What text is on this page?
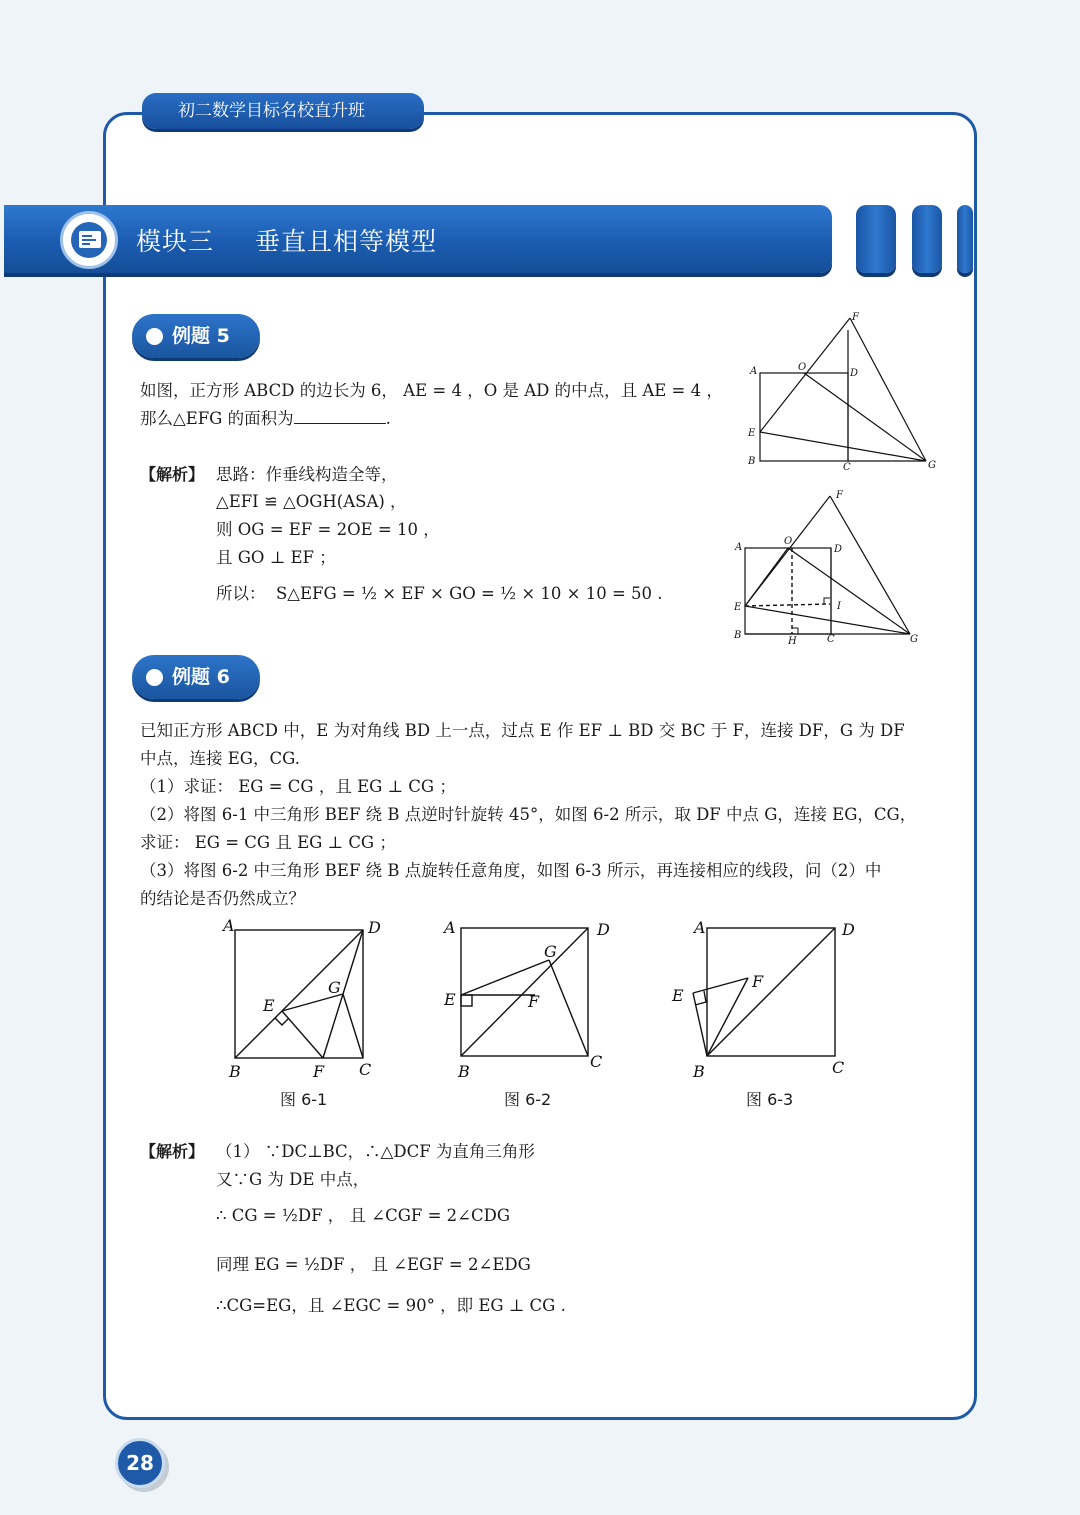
初二数学目标名校直升班
模块三 垂直且相等模型
例题 5
如图，正方形 ABCD 的边长为 6， AE = 4 ，O 是 AD 的中点，且 AE = 4 ，
那么△EFG 的面积为	.
【解析】 思路：作垂线构造全等，
△EFI ≌ △OGH(ASA) ，
则 OG = EF = 2OE = 10 ，
且 GO ⊥ EF ；
所以： S△EFG = ½ × EF × GO = ½ × 10 × 10 = 50 .
A	D
O
F
E
B
C	G
A	D
O
F
E
B	C	G
I
H
例题 6
已知正方形 ABCD 中，E 为对角线 BD 上一点，过点 E 作 EF ⊥ BD 交 BC 于 F，连接 DF，G 为 DF
中点，连接 EG，CG.
（1）求证： EG = CG ，且 EG ⊥ CG ；
（2）将图 6-1 中三角形 BEF 绕 B 点逆时针旋转 45°，如图 6-2 所示，取 DF 中点 G，连接 EG，CG，
求证： EG = CG 且 EG ⊥ CG ；
（3）将图 6-2 中三角形 BEF 绕 B 点旋转任意角度，如图 6-3 所示，再连接相应的线段，问（2）中
的结论是否仍然成立？
A	D
B	C
F
E
G
图 6-1
A	D
B
C
F
E
G
图 6-2
A	D
B	C
F
E
图 6-3
【解析】 （1） ∵DC⊥BC，∴△DCF 为直角三角形
又∵G 为 DE 中点，
∴ CG = ½DF ， 且 ∠CGF = 2∠CDG
同理 EG = ½DF ， 且 ∠EGF = 2∠EDG
∴CG=EG，且 ∠EGC = 90° ，即 EG ⊥ CG .
28
